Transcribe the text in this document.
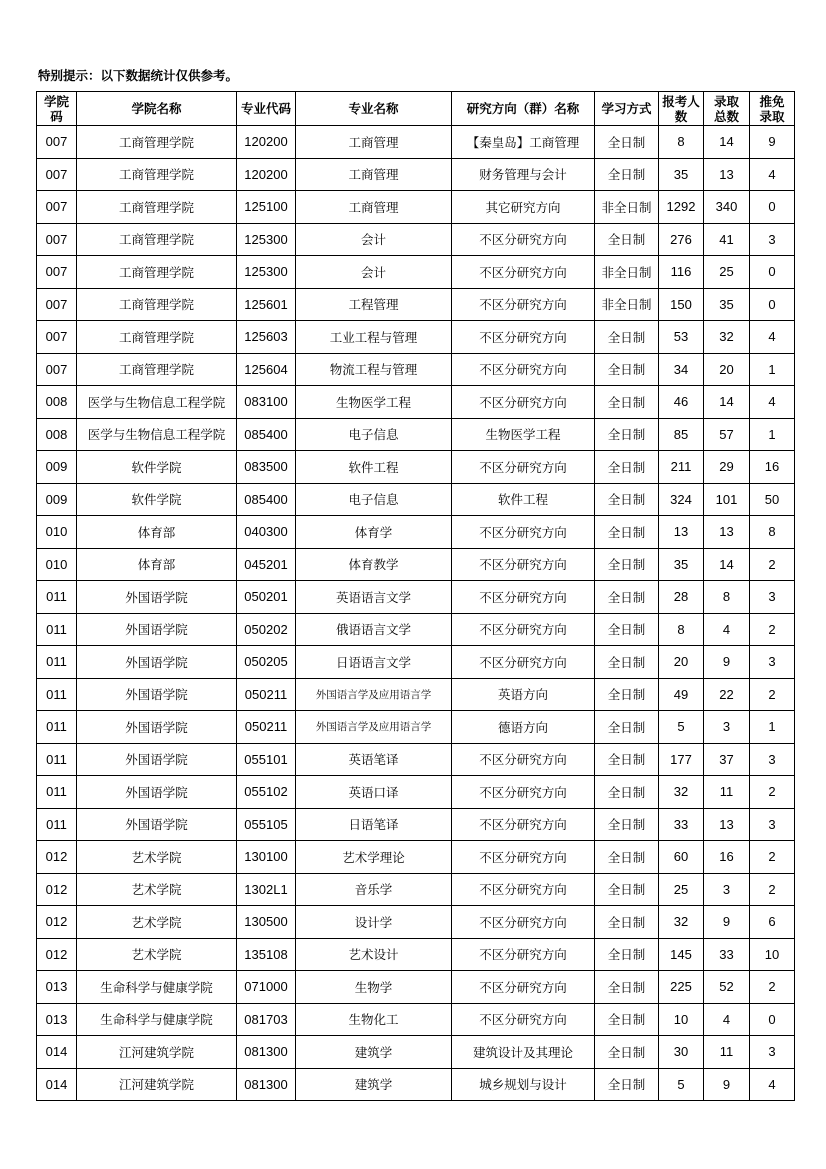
特别提示：以下数据统计仅供参考。
学院码	学院名称	专业代码	专业名称	研究方向（群）名称	学习方式	报考人数	录取总数	推免录取
007	工商管理学院	120200	工商管理	【秦皇岛】工商管理	全日制	8	14	9
007	工商管理学院	120200	工商管理	财务管理与会计	全日制	35	13	4
007	工商管理学院	125100	工商管理	其它研究方向	非全日制	1292	340	0
007	工商管理学院	125300	会计	不区分研究方向	全日制	276	41	3
007	工商管理学院	125300	会计	不区分研究方向	非全日制	116	25	0
007	工商管理学院	125601	工程管理	不区分研究方向	非全日制	150	35	0
007	工商管理学院	125603	工业工程与管理	不区分研究方向	全日制	53	32	4
007	工商管理学院	125604	物流工程与管理	不区分研究方向	全日制	34	20	1
008	医学与生物信息工程学院	083100	生物医学工程	不区分研究方向	全日制	46	14	4
008	医学与生物信息工程学院	085400	电子信息	生物医学工程	全日制	85	57	1
009	软件学院	083500	软件工程	不区分研究方向	全日制	211	29	16
009	软件学院	085400	电子信息	软件工程	全日制	324	101	50
010	体育部	040300	体育学	不区分研究方向	全日制	13	13	8
010	体育部	045201	体育教学	不区分研究方向	全日制	35	14	2
011	外国语学院	050201	英语语言文学	不区分研究方向	全日制	28	8	3
011	外国语学院	050202	俄语语言文学	不区分研究方向	全日制	8	4	2
011	外国语学院	050205	日语语言文学	不区分研究方向	全日制	20	9	3
011	外国语学院	050211	外国语言学及应用语言学	英语方向	全日制	49	22	2
011	外国语学院	050211	外国语言学及应用语言学	德语方向	全日制	5	3	1
011	外国语学院	055101	英语笔译	不区分研究方向	全日制	177	37	3
011	外国语学院	055102	英语口译	不区分研究方向	全日制	32	11	2
011	外国语学院	055105	日语笔译	不区分研究方向	全日制	33	13	3
012	艺术学院	130100	艺术学理论	不区分研究方向	全日制	60	16	2
012	艺术学院	1302L1	音乐学	不区分研究方向	全日制	25	3	2
012	艺术学院	130500	设计学	不区分研究方向	全日制	32	9	6
012	艺术学院	135108	艺术设计	不区分研究方向	全日制	145	33	10
013	生命科学与健康学院	071000	生物学	不区分研究方向	全日制	225	52	2
013	生命科学与健康学院	081703	生物化工	不区分研究方向	全日制	10	4	0
014	江河建筑学院	081300	建筑学	建筑设计及其理论	全日制	30	11	3
014	江河建筑学院	081300	建筑学	城乡规划与设计	全日制	5	9	4
